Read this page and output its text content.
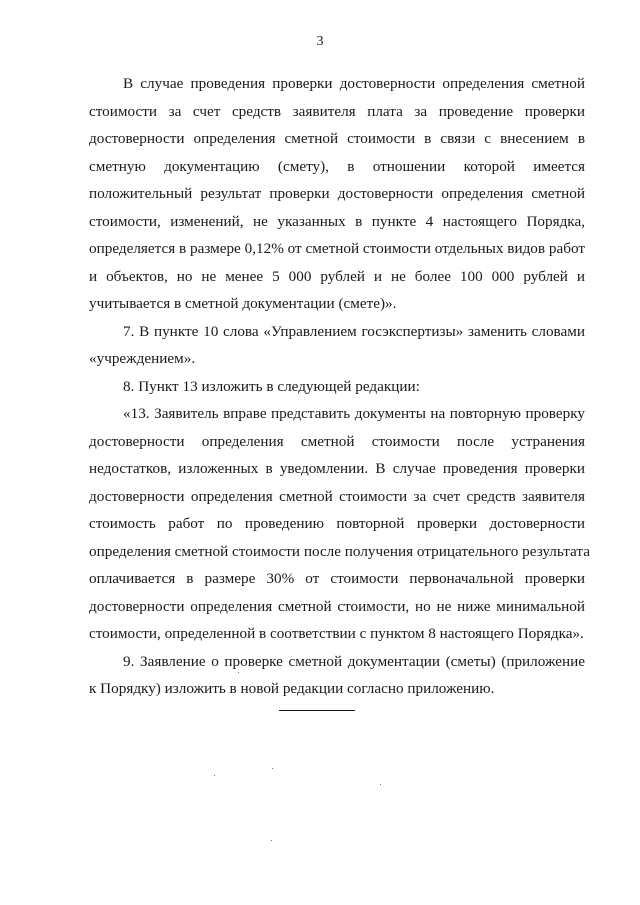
3
В случае проведения проверки достоверности определения сметной
стоимости за счет средств заявителя плата за проведение проверки
достоверности определения сметной стоимости в связи с внесением в
сметную документацию (смету), в отношении которой имеется
положительный результат проверки достоверности определения сметной
стоимости, изменений, не указанных в пункте 4 настоящего Порядка,
определяется в размере 0,12% от сметной стоимости отдельных видов работ
и объектов, но не менее 5 000 рублей и не более 100 000 рублей и
учитывается в сметной документации (смете)».
7. В пункте 10 слова «Управлением госэкспертизы» заменить словами
«учреждением».
8. Пункт 13 изложить в следующей редакции:
«13. Заявитель вправе представить документы на повторную проверку
достоверности определения сметной стоимости после устранения
недостатков, изложенных в уведомлении. В случае проведения проверки
достоверности определения сметной стоимости за счет средств заявителя
стоимость работ по проведению повторной проверки достоверности
определения сметной стоимости после получения отрицательного результата
оплачивается в размере 30% от стоимости первоначальной проверки
достоверности определения сметной стоимости, но не ниже минимальной
стоимости, определенной в соответствии с пунктом 8 настоящего Порядка».
9. Заявление о проверке сметной документации (сметы) (приложение
к Порядку) изложить в новой редакции согласно приложению.
